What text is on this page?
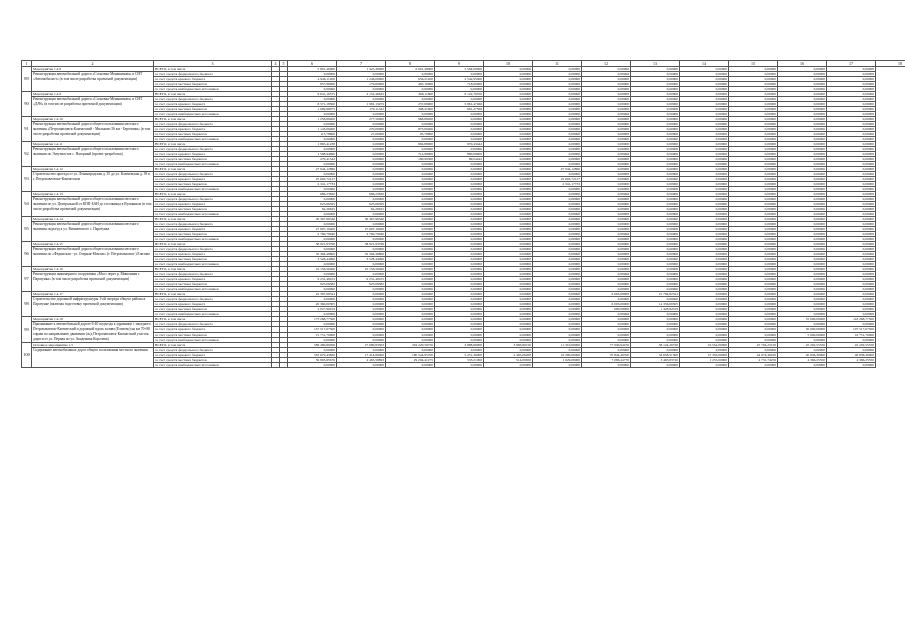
1	2	3	4	5	6	7	8	9	10	11	12	13	14	15	16	17	18
89	Мероприятие 1.4.8	ВСЕГО, в том числе			5 801,46000	1 425,36000	6 601,48000	5 584,00000	0,00000	0,00000	0,00000	0,00000	0,00000	0,00000	0,00000	0,00000	
	Реконструкция автомобильной дороги «Сосновка-Меньшикова» в СНТ «Автомобилист» (в том числе разработка проектной документации)	за счет средств федерального бюджета			0,00000	0,00000	0,00000	0,00000	0,00000	0,00000	0,00000	0,00000	0,00000	0,00000	0,00000	0,00000	
		за счет средств краевого бюджета			4 946,11200	1 246,00000	656,21200	2 542,95000	0,00000	0,00000	0,00000	0,00000	0,00000	0,00000	0,00000	0,00000	
		за счет средств местных бюджетов			857,96000	179,60000	465,16000	718,00000	0,00000	0,00000	0,00000	0,00000	0,00000	0,00000	0,00000	0,00000	
		за счет средств внебюджетных источников			0,00000	0,00000	0,00000	0,00000	0,00000	0,00000	0,00000	0,00000	0,00000	0,00000	0,00000	0,00000	
90	Мероприятие 1.4.9	ВСЕГО, в том числе			9 641,16575	2 152,46625	466,11800	6 122,78550	0,00000	0,00000	0,00000	0,00000	0,00000	0,00000	0,00000	0,00000	
	Реконструкция автомобильной дороги «Сосновка-Меньшикова» в СНТ «ДАЧ» (в том числе разработка проектной документации)	за счет средств федерального бюджета			0,00000	0,00000	0,00000	0,00000	0,00000	0,00000	0,00000	0,00000	0,00000	0,00000	0,00000	0,00000	
		за счет средств краевого бюджета			8 571,18500	1 981,13255	257,69900	5 861,47460	0,00000	0,00000	0,00000	0,00000	0,00000	0,00000	0,00000	0,00000	
		за счет средств местных бюджетов			1 069,98075	179,11322	208,41600	661,27568	0,00000	0,00000	0,00000	0,00000	0,00000	0,00000	0,00000	0,00000	
		за счет средств внебюджетных источников			0,00000	0,00000	0,00000	0,00000	0,00000	0,00000	0,00000	0,00000	0,00000	0,00000	0,00000	0,00000	
91	Мероприятие 1.4.10	ВСЕГО, в том числе			1 258,88200	277,50000	968,88200	0,00000	0,00000	0,00000	0,00000	0,00000	0,00000	0,00000	0,00000	0,00000	
	Реконструкция автомобильной дороги общего пользования местного значения «Петропавловск-Камчатский - Мильково 56 км - Березовая» (в том числе разработка проектной документации)	за счет средств федерального бюджета			0,00000	0,00000	0,00000	0,00000	0,00000	0,00000	0,00000	0,00000	0,00000	0,00000	0,00000	0,00000	
		за счет средств краевого бюджета			1 143,09400	270,00000	873,09400	0,00000	0,00000	0,00000	0,00000	0,00000	0,00000	0,00000	0,00000	0,00000	
		за счет средств местных бюджетов			115,78800	27,00000	95,78800	0,00000	0,00000	0,00000	0,00000	0,00000	0,00000	0,00000	0,00000	0,00000	
		за счет средств внебюджетных источников			0,00000	0,00000	0,00000	0,00000	0,00000	0,00000	0,00000	0,00000	0,00000	0,00000	0,00000	0,00000	
92	Мероприятие 1.4.11	ВСЕГО, в том числе			1 865,41238	0,00000	894,88000	970,43442	0,00000	0,00000	0,00000	0,00000	0,00000	0,00000	0,00000	0,00000	
	Реконструкция автомобильной дороги общего пользования местного значения по Энтузиастов с. Нагорный (проект-разработка)	за счет средств федерального бюджета			0,00000	0,00000	0,00000	0,00000	0,00000	0,00000	0,00000	0,00000	0,00000	0,00000	0,00000	0,00000	
		за счет средств краевого бюджета			1 598,94696	0,00000	714,98000	880,09000	0,00000	0,00000	0,00000	0,00000	0,00000	0,00000	0,00000	0,00000	
		за счет средств местных бюджетов			270,41542	0,00000	180,90300	89,04442	0,00000	0,00000	0,00000	0,00000	0,00000	0,00000	0,00000	0,00000	
		за счет средств внебюджетных источников			0,00000	0,00000	0,00000	0,00000	0,00000	0,00000	0,00000	0,00000	0,00000	0,00000	0,00000	0,00000	
93	Мероприятие 1.4.12	ВСЕГО, в том числе			27 944,12860	0,00000	0,00000	0,00000	0,00000	27 944,12860	0,00000	0,00000	0,00000	0,00000	0,00000	0,00000	
	Строительство проезда от ул. Ленинградская д. 35 до ул. Ключевская д. 39 в г. Петропавловске-Камчатском	за счет средств федерального бюджета			0,00000	0,00000	0,00000	0,00000	0,00000	0,00000	0,00000	0,00000	0,00000	0,00000	0,00000	0,00000	
		за счет средств краевого бюджета			25 602,72127	0,00000	0,00000	0,00000	0,00000	25 602,72127	0,00000	0,00000	0,00000	0,00000	0,00000	0,00000	
		за счет средств местных бюджетов			2 341,17733	0,00000	0,00000	0,00000	0,00000	2 341,17733	0,00000	0,00000	0,00000	0,00000	0,00000	0,00000	
		за счет средств внебюджетных источников			0,00000	0,00000	0,00000	0,00000	0,00000	0,00000	0,00000	0,00000	0,00000	0,00000	0,00000	0,00000	
94	Мероприятие 1.4.13	ВСЕГО, в том числе			686,23820	686,23820	0,00000	0,00000	0,00000	0,00000	0,00000	0,00000	0,00000	0,00000	0,00000	0,00000	
	Реконструкция автомобильной дороги общего пользования местного значения по ул. Центральной от КПП-БАН до гостиницы в Вулканном (в том числе разработка проектной документации)	за счет средств федерального бюджета			0,00000	0,00000	0,00000	0,00000	0,00000	0,00000	0,00000	0,00000	0,00000	0,00000	0,00000	0,00000	
		за счет средств краевого бюджета			625,66595	625,66595	0,00000	0,00000	0,00000	0,00000	0,00000	0,00000	0,00000	0,00000	0,00000	0,00000	
		за счет средств местных бюджетов			62,26625	62,26625	0,00000	0,00000	0,00000	0,00000	0,00000	0,00000	0,00000	0,00000	0,00000	0,00000	
		за счет средств внебюджетных источников			0,00000	0,00000	0,00000	0,00000	0,00000	0,00000	0,00000	0,00000	0,00000	0,00000	0,00000	0,00000	
95	Мероприятие 1.4.14	ВСЕГО, в том числе			30 367,99340	30 367,99340	0,00000	0,00000	0,00000	0,00000	0,00000	0,00000	0,00000	0,00000	0,00000	0,00000	
	Реконструкция автомобильной дороги общего пользования местного значения подъезд к ул. Вишневского с. Паратунка	за счет средств федерального бюджета			0,00000	0,00000	0,00000	0,00000	0,00000	0,00000	0,00000	0,00000	0,00000	0,00000	0,00000	0,00000	
		за счет средств краевого бюджета			27 607,19400	27 607,19400	0,00000	0,00000	0,00000	0,00000	0,00000	0,00000	0,00000	0,00000	0,00000	0,00000	
		за счет средств местных бюджетов			2 760,79940	2 760,79940	0,00000	0,00000	0,00000	0,00000	0,00000	0,00000	0,00000	0,00000	0,00000	0,00000	
		за счет средств внебюджетных источников			0,00000	0,00000	0,00000	0,00000	0,00000	0,00000	0,00000	0,00000	0,00000	0,00000	0,00000	0,00000	
96	Мероприятие 1.4.15	ВСЕГО, в том числе			38 921,93790	38 921,93790	0,00000	0,00000	0,00000	0,00000	0,00000	0,00000	0,00000	0,00000	0,00000	0,00000	
	Реконструкция автомобильной дороги общего пользования местного значения по «Фединская - ул. Озерная-Мочаги» (г. Петропавловск-) Елизово	за счет средств федерального бюджета			0,00000	0,00000	0,00000	0,00000	0,00000	0,00000	0,00000	0,00000	0,00000	0,00000	0,00000	0,00000	
		за счет средств краевого бюджета			35 394,48800	35 394,48800	0,00000	0,00000	0,00000	0,00000	0,00000	0,00000	0,00000	0,00000	0,00000	0,00000	
		за счет средств местных бюджетов			3 528,44990	3 528,44990	0,00000	0,00000	0,00000	0,00000	0,00000	0,00000	0,00000	0,00000	0,00000	0,00000	
		за счет средств внебюджетных источников			0,00000	0,00000	0,00000	0,00000	0,00000	0,00000	0,00000	0,00000	0,00000	0,00000	0,00000	0,00000	
97	Мероприятие 1.4.16	ВСЕГО, в том числе			10 156,56490	10 156,56490	0,00000	0,00000	0,00000	0,00000	0,00000	0,00000	0,00000	0,00000	0,00000	0,00000	
	Реконструкция инженерного сооружения «Мост через р. Мишенная г. Паратунка» (в том числе разработка проектной документации)	за счет средств федерального бюджета			0,00000	0,00000	0,00000	0,00000	0,00000	0,00000	0,00000	0,00000	0,00000	0,00000	0,00000	0,00000	
		за счет средств краевого бюджета			9 231,48105	9 231,48105	0,00000	0,00000	0,00000	0,00000	0,00000	0,00000	0,00000	0,00000	0,00000	0,00000	
		за счет средств местных бюджетов			925,08385	925,08385	0,00000	0,00000	0,00000	0,00000	0,00000	0,00000	0,00000	0,00000	0,00000	0,00000	
		за счет средств внебюджетных источников			0,00000	0,00000	0,00000	0,00000	0,00000	0,00000	0,00000	0,00000	0,00000	0,00000	0,00000	0,00000	
98	Мероприятие 1.4.17	ВСЕГО, в том числе			22 387,90324	0,00000	0,00000	0,00000	0,00000	0,00000	6 603,08000	15 784,82324	0,00000	0,00000	0,00000	0,00000	
	Строительство дорожной инфраструктуры 1-ой очереди общего района в Паратунке (включая подготовку проектной документации)	за счет средств федерального бюджета			0,00000	0,00000	0,00000	0,00000	0,00000	0,00000	0,00000	0,00000	0,00000	0,00000	0,00000	0,00000	
		за счет средств краевого бюджета			20 360,00305	0,00000	0,00000	0,00000	0,00000	0,00000	6 003,00000	14 356,00305	0,00000	0,00000	0,00000	0,00000	
		за счет средств местных бюджетов			2 027,90019	0,00000	0,00000	0,00000	0,00000	0,00000	600,08000	1 428,82019	0,00000	0,00000	0,00000	0,00000	
		за счет средств внебюджетных источников			0,00000	0,00000	0,00000	0,00000	0,00000	0,00000	0,00000	0,00000	0,00000	0,00000	0,00000	0,00000	
99	Мероприятие 1.4.18	ВСЕГО, в том числе			173 268,77500	0,00000	0,00000	0,00000	0,00000	0,00000	0,00000	0,00000	0,00000	0,00000	55 000,00000	118 268,77500	
	Примыкание к автомобильной дороге 6-40 подъезда к здравнице с западного Петропавловск-Камчатский и дорожкой вдоль залива (Елизово) на км 70+80 справа по направлению движения (ж/д Петропавловск-Камчатский участок дороги от ул. Первая по ул. Академика Королева)	за счет средств федерального бюджета			0,00000	0,00000	0,00000	0,00000	0,00000	0,00000	0,00000	0,00000	0,00000	0,00000	0,00000	0,00000	
		за счет средств краевого бюджета			157 517,07500	0,00000	0,00000	0,00000	0,00000	0,00000	0,00000	0,00000	0,00000	0,00000	50 000,00000	107 517,07500	
		за счет средств местных бюджетов			15 751,70000	0,00000	0,00000	0,00000	0,00000	0,00000	0,00000	0,00000	0,00000	0,00000	5 000,00000	10 751,70000	
		за счет средств внебюджетных источников			0,00000	0,00000	0,00000	0,00000	0,00000	0,00000	0,00000	0,00000	0,00000	0,00000	0,00000	0,00000	
100	Основное мероприятие 1.5	ВСЕГО, в том числе			589 480,89496	27 680,83303	294 220,59750	3 888,66000	3 983,80150	11 319,00000	77 930,94470	38 124,20720	16 554,00000	47 704,23150	45 202,55550	45 202,55550	
	Содержание автомобильных дорог общего пользования местного значения	за счет средств федерального бюджета			0,00000	0,00000	0,00000	0,00000	0,00000	0,00000	0,00000	0,00000	0,00000	0,00000	0,00000	0,00000	
		за счет средств краевого бюджета			516 679,43820	17 414,80000	180 544,95700	5 251,30000	2 465,06200	10 290,00000	70 844,49700	34 658,51300	15 350,00000	44 974,48100	40 836,30000	40 836,30000	
		за счет средств местных бюджетов			59 803,65676	4 465,58893	29 294,41275	533,21000	514,09650	1 029,00000	7 086,44770	3 465,83720	1 255,00000	4 731,74250	4 366,25550	4 366,25550	
		за счет средств внебюджетных источников			0,00000	0,00000	0,00000	0,00000	0,00000	0,00000	0,00000	0,00000	0,00000	0,00000	0,00000	0,00000	
